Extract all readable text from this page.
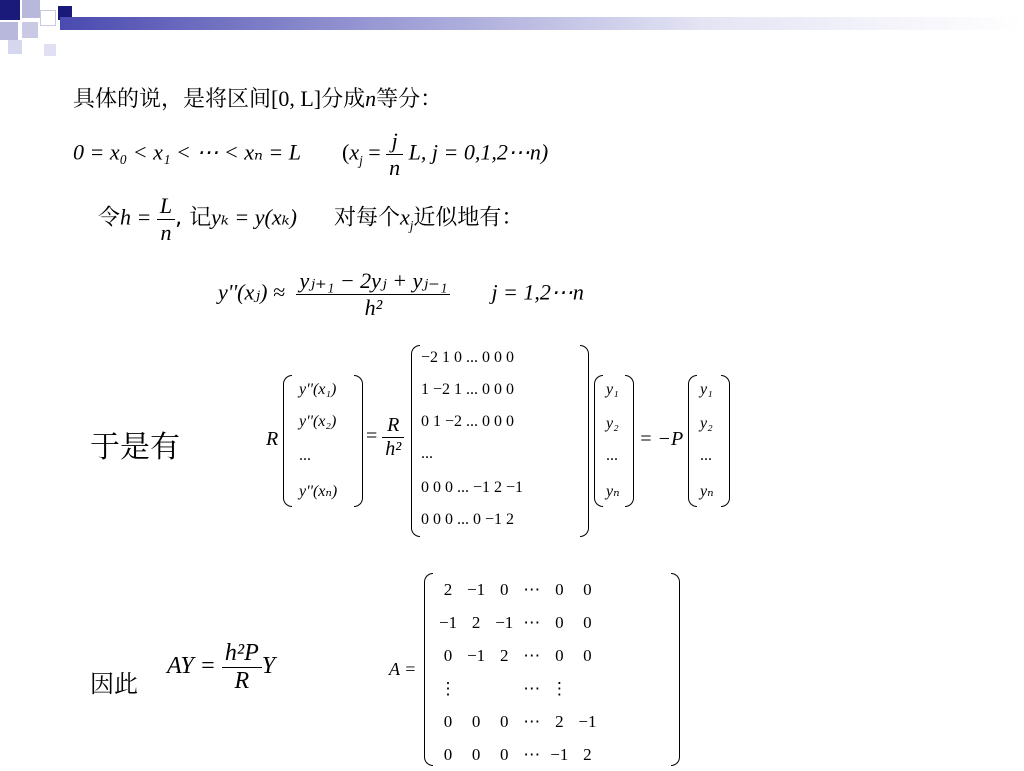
具体的说，是将区间[0, L]分成n等分：
0 = x₀ < x₁ < ⋯ < xₙ = L ($x_j = \frac{j}{n} L$, j = 0,1,2⋯n)
令$h = \frac{L}{n}$ , 记yₖ = y(xₖ) 对每个$x_j$近似地有：
y''(xⱼ) ≈ $\frac{\text{yⱼ₊₁ − 2yⱼ + yⱼ₋₁}}{\text{h²}}$ j = 1,2⋯n
于是有	R
y''(x₁)
y''(x₂)
...
y''(xₙ)
= $\frac{R}{\text{h²}}$
−2 1 0 ... 0 0 0
1 −2 1 ... 0 0 0
0 1 −2 ... 0 0 0
...
0 0 0 ... −1 2 −1
0 0 0 ... 0 −1 2
y₁
y₂
...
yₙ
= −P
y₁
y₂
...
yₙ
因此
AY = $\frac{\text{h²P}}{R}$ Y	A =
2	−1	0	⋯	0	0
−1	2	−1	⋯	0	0
0	−1	2	⋯	0	0
⋮			⋯	⋮	
0	0	0	⋯	2	−1
0	0	0	⋯	−1	2
